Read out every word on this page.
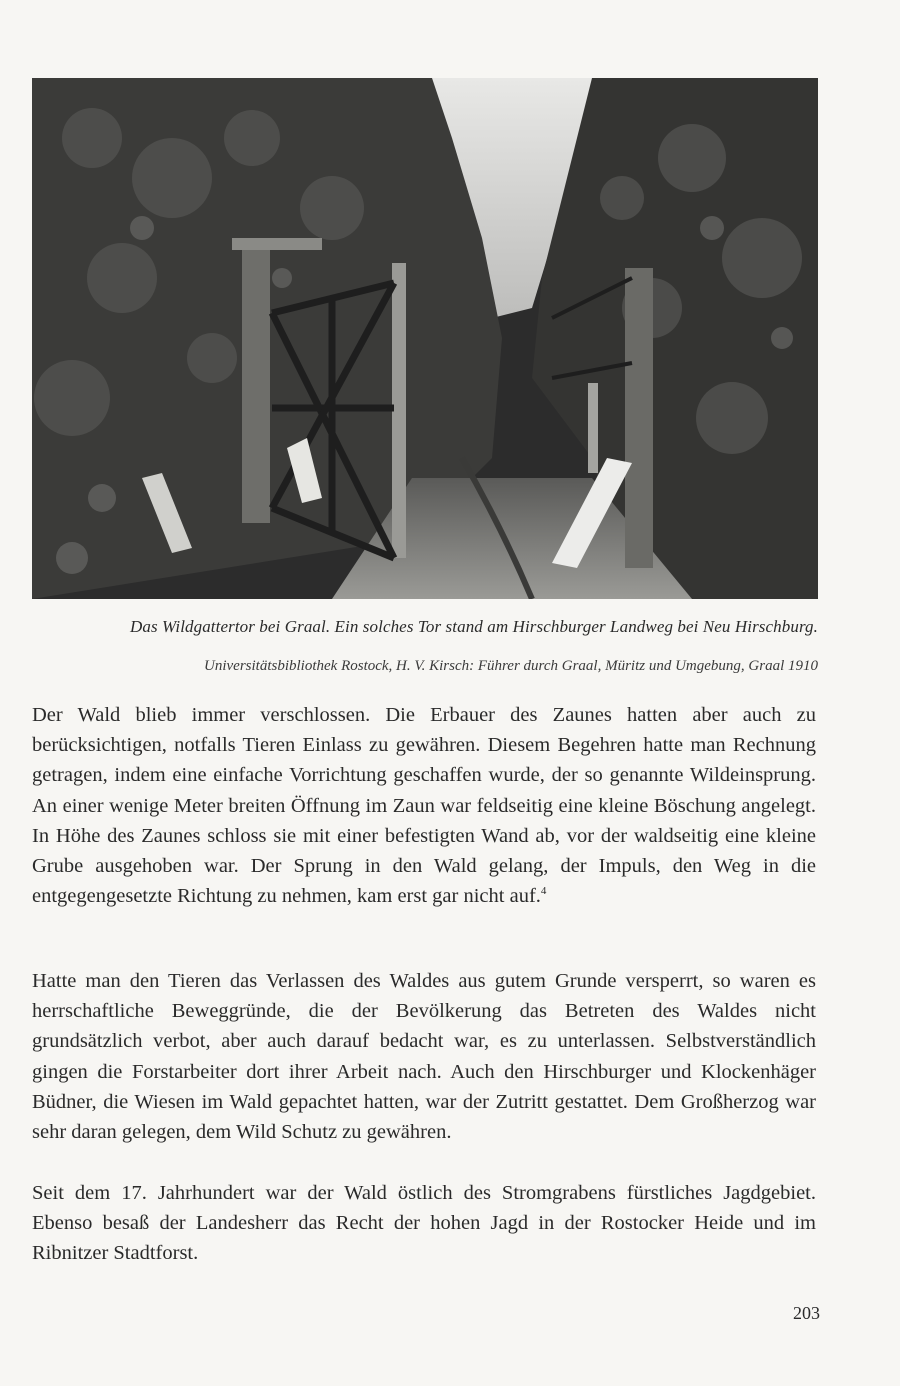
Das Wildgattertor bei Graal. Ein solches Tor stand am Hirschburger Landweg bei Neu Hirschburg.
Universitätsbibliothek Rostock, H. V. Kirsch: Führer durch Graal, Müritz und Umgebung, Graal 1910

Der Wald blieb immer verschlossen. Die Erbauer des Zaunes hatten aber auch zu berücksichtigen, notfalls Tieren Einlass zu gewähren. Diesem Begehren hatte man Rechnung getragen, indem eine einfache Vorrichtung geschaffen wurde, der so genannte Wildeinsprung. An einer wenige Meter breiten Öffnung im Zaun war feldseitig eine kleine Böschung angelegt. In Höhe des Zaunes schloss sie mit einer befestigten Wand ab, vor der waldseitig eine kleine Grube ausgehoben war. Der Sprung in den Wald gelang, der Impuls, den Weg in die entgegengesetzte Richtung zu nehmen, kam erst gar nicht auf.$^4$

Hatte man den Tieren das Verlassen des Waldes aus gutem Grunde versperrt, so waren es herrschaftliche Beweggründe, die der Bevölkerung das Betreten des Waldes nicht grundsätzlich verbot, aber auch darauf bedacht war, es zu unterlassen. Selbstverständlich gingen die Forstarbeiter dort ihrer Arbeit nach. Auch den Hirschburger und Klockenhäger Büdner, die Wiesen im Wald gepachtet hatten, war der Zutritt gestattet. Dem Großherzog war sehr daran gelegen, dem Wild Schutz zu gewähren.

Seit dem 17. Jahrhundert war der Wald östlich des Stromgrabens fürstliches Jagdgebiet. Ebenso besaß der Landesherr das Recht der hohen Jagd in der Rostocker Heide und im Ribnitzer Stadtforst.

203
